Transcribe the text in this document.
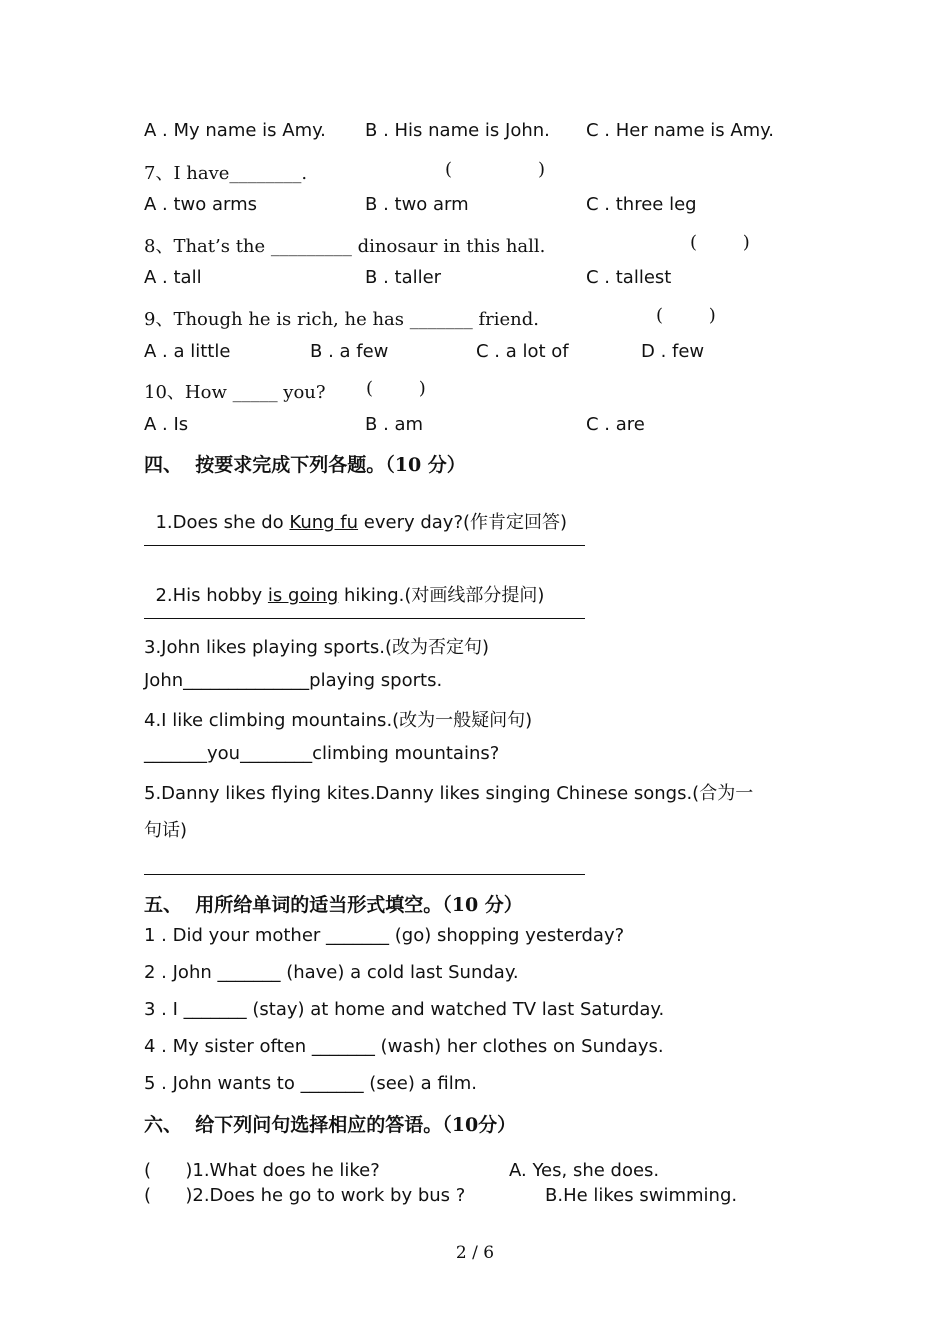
A . My name is Amy. B . His name is John. C . Her name is Amy.
7、I have________.	(	)
A . two arms	B . two arm	C . three leg
8、That’s the _________ dinosaur in this hall.	(        )
A . tall	B . taller	C . tallest
9、Though he is rich, he has _______ friend.	(        )
A . a little	B . a few	C . a lot of	D . few
10、How _____ you? (        )
A . Is	B . am	C . are
四、  按要求完成下列各题。（10 分）

1.Does she do Kung fu every day?(作肯定回答)

2.His hobby is going hiking.(对画线部分提问)

3.John likes playing sports.(改为否定句)
John______________playing sports.
4.I like climbing mountains.(改为一般疑问句)
_______you________climbing mountains?
5.Danny likes flying kites.Danny likes singing Chinese songs.(合为一
句话)
五、  用所给单词的适当形式填空。（10 分）
1 . Did your mother _______ (go) shopping yesterday?
2 . John _______ (have) a cold last Sunday.
3 . I _______ (stay) at home and watched TV last Saturday.
4 . My sister often _______ (wash) her clothes on Sundays.
5 . John wants to _______ (see) a film.
六、  给下列问句选择相应的答语。（10分）
(      )1.What does he like?	A. Yes, she does.
(      )2.Does he go to work by bus ?	B.He likes swimming.
2 / 6
